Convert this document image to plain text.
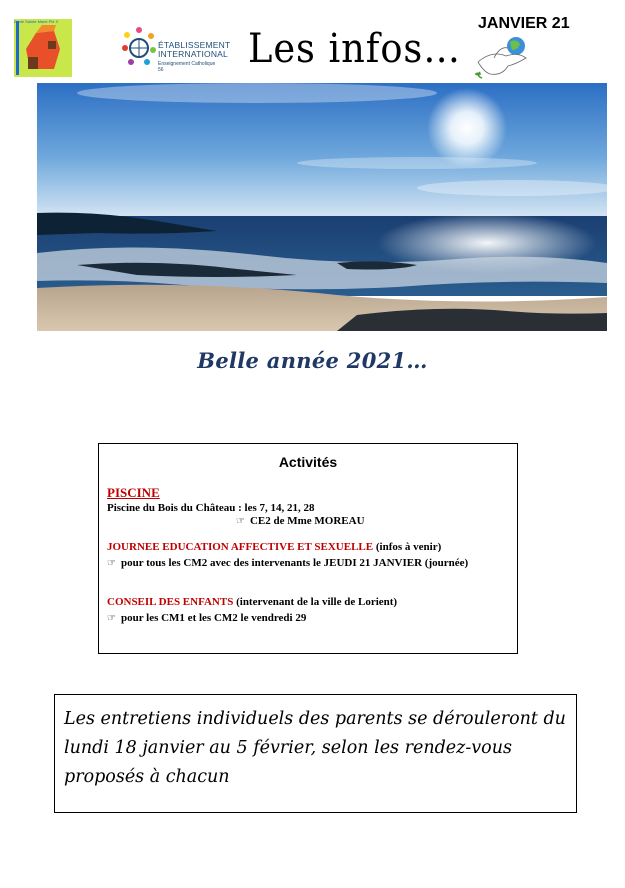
Ecole Sainte Marie Pie X
ÉTABLISSEMENT
INTERNATIONAL
Enseignement Catholique 56	Les infos…
JANVIER 21
Belle année 2021…
Activités
PISCINE
Piscine du Bois du Château : les 7, 14, 21, 28
☞ CE2 de Mme MOREAU
JOURNEE EDUCATION AFFECTIVE ET SEXUELLE (infos à venir)
☞ pour tous les CM2 avec des intervenants le JEUDI 21 JANVIER (journée)
CONSEIL DES ENFANTS (intervenant de la ville de Lorient)
☞ pour les CM1 et les CM2 le vendredi 29
Les entretiens individuels des parents se dérouleront du lundi 18 janvier au 5 février, selon les rendez-vous proposés à chacun
